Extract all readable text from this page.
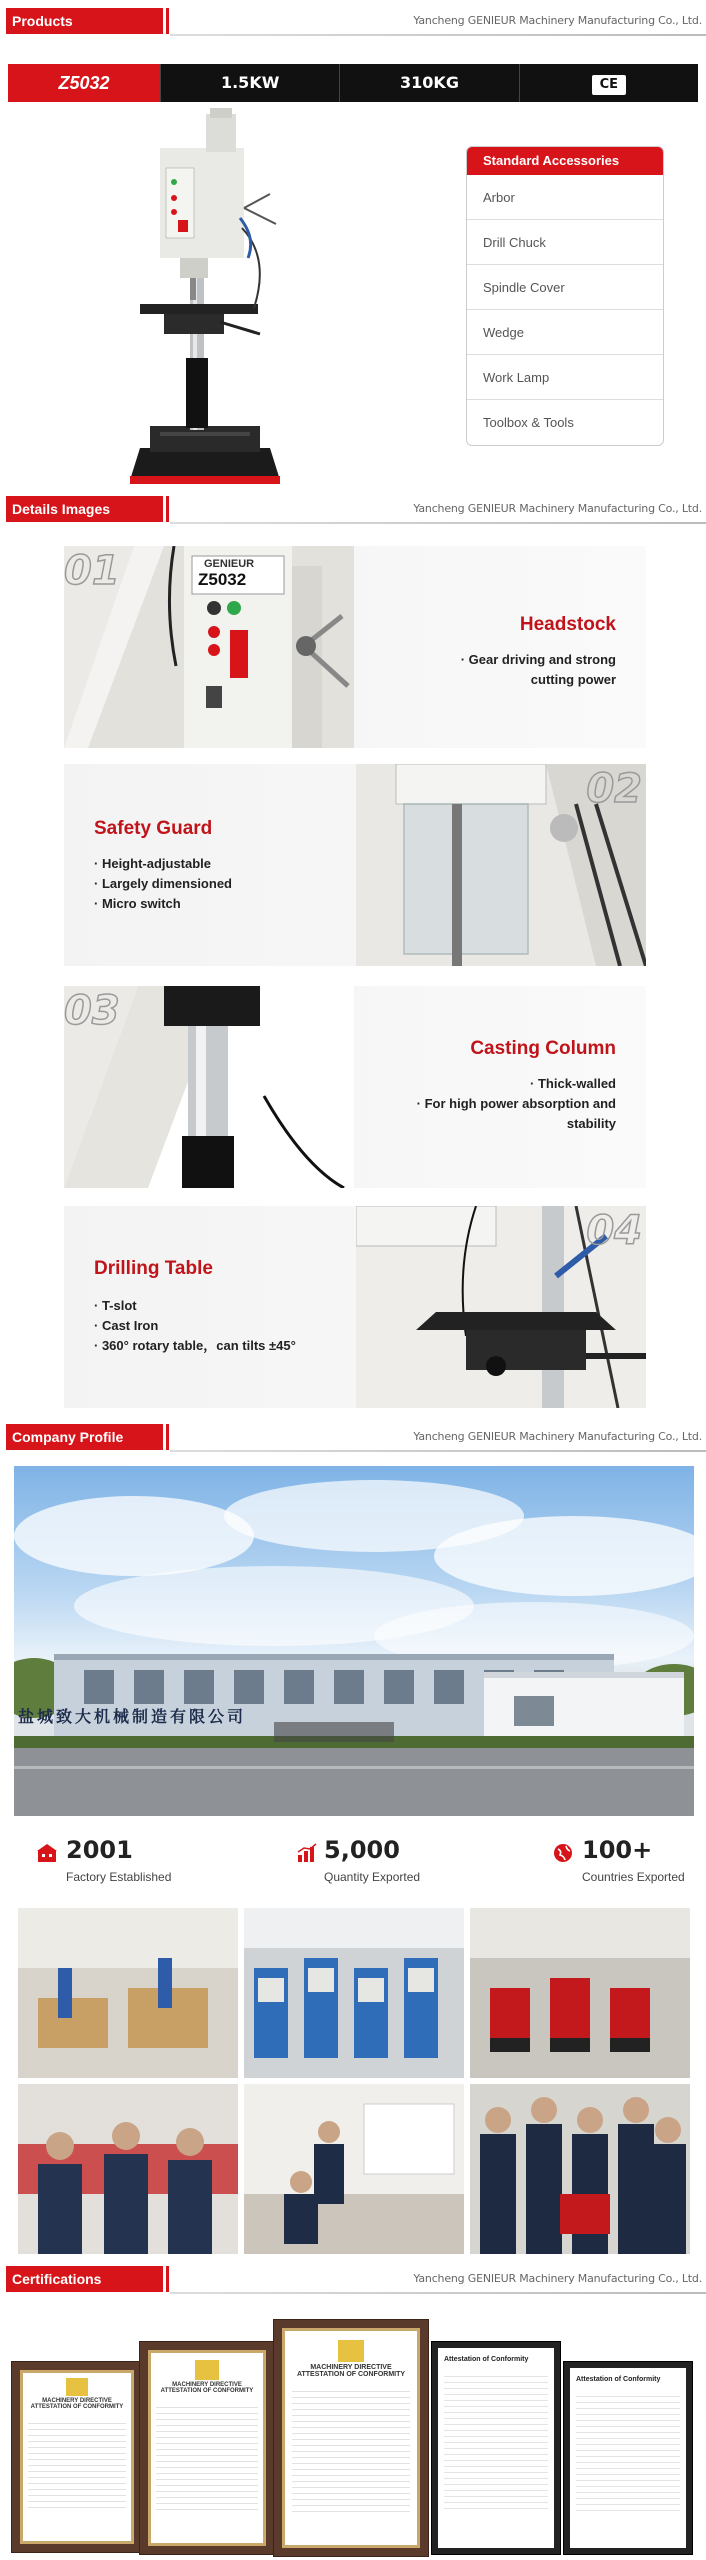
Products Description
Yancheng GENIEUR Machinery Manufacturing Co., Ltd.
Z5032	1.5KW	310KG	CE
Standard Accessories
Arbor
Drill Chuck
Spindle Cover
Wedge
Work Lamp
Toolbox & Tools
Details Images	Yancheng GENIEUR Machinery Manufacturing Co., Ltd.
GENIEUR
Z5032
01
Headstock
· Gear driving and strong cutting power
02
Safety Guard
· Height-adjustable
· Largely dimensioned
· Micro switch
03
Casting Column
· Thick-walled
· For high power absorption and stability
04
Drilling Table
· T-slot
· Cast Iron
· 360° rotary table，can tilts ±45°
Company Profile	Yancheng GENIEUR Machinery Manufacturing Co., Ltd.
盐城致大机械制造有限公司
2001
Factory Established
5,000
Quantity Exported
100+
Countries Exported
Certifications	Yancheng GENIEUR Machinery Manufacturing Co., Ltd.
MACHINERY DIRECTIVE ATTESTATION OF CONFORMITY
MACHINERY DIRECTIVE ATTESTATION OF CONFORMITY
MACHINERY DIRECTIVE ATTESTATION OF CONFORMITY
Attestation of Conformity
Attestation of Conformity
